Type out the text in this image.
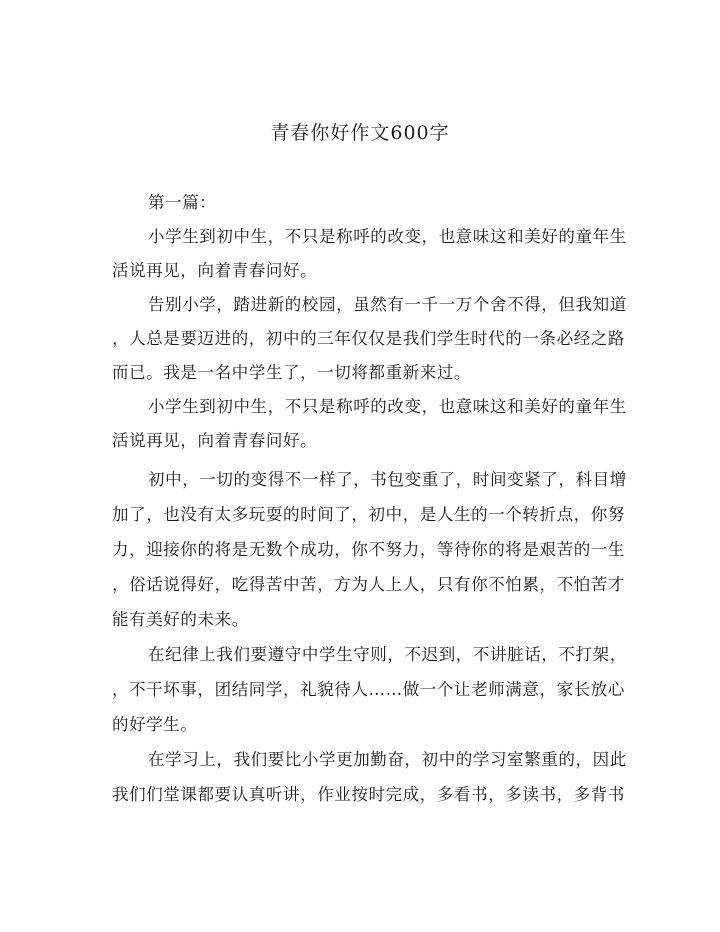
青春你好作文600字
第一篇：
小学生到初中生，不只是称呼的改变，也意味这和美好的童年生
活说再见，向着青春问好。
告别小学，踏进新的校园，虽然有一千一万个舍不得，但我知道
，人总是要迈进的，初中的三年仅仅是我们学生时代的一条必经之路
而已。我是一名中学生了，一切将都重新来过。
小学生到初中生，不只是称呼的改变，也意味这和美好的童年生
活说再见，向着青春问好。
初中，一切的变得不一样了，书包变重了，时间变紧了，科目增
加了，也没有太多玩耍的时间了，初中，是人生的一个转折点，你努
力，迎接你的将是无数个成功，你不努力，等待你的将是艰苦的一生
，俗话说得好，吃得苦中苦，方为人上人，只有你不怕累，不怕苦才
能有美好的未来。
在纪律上我们要遵守中学生守则，不迟到，不讲脏话，不打架，
，不干坏事，团结同学，礼貌待人……做一个让老师满意，家长放心
的好学生。
在学习上，我们要比小学更加勤奋，初中的学习室繁重的，因此
我们们堂课都要认真听讲，作业按时完成，多看书，多读书，多背书
